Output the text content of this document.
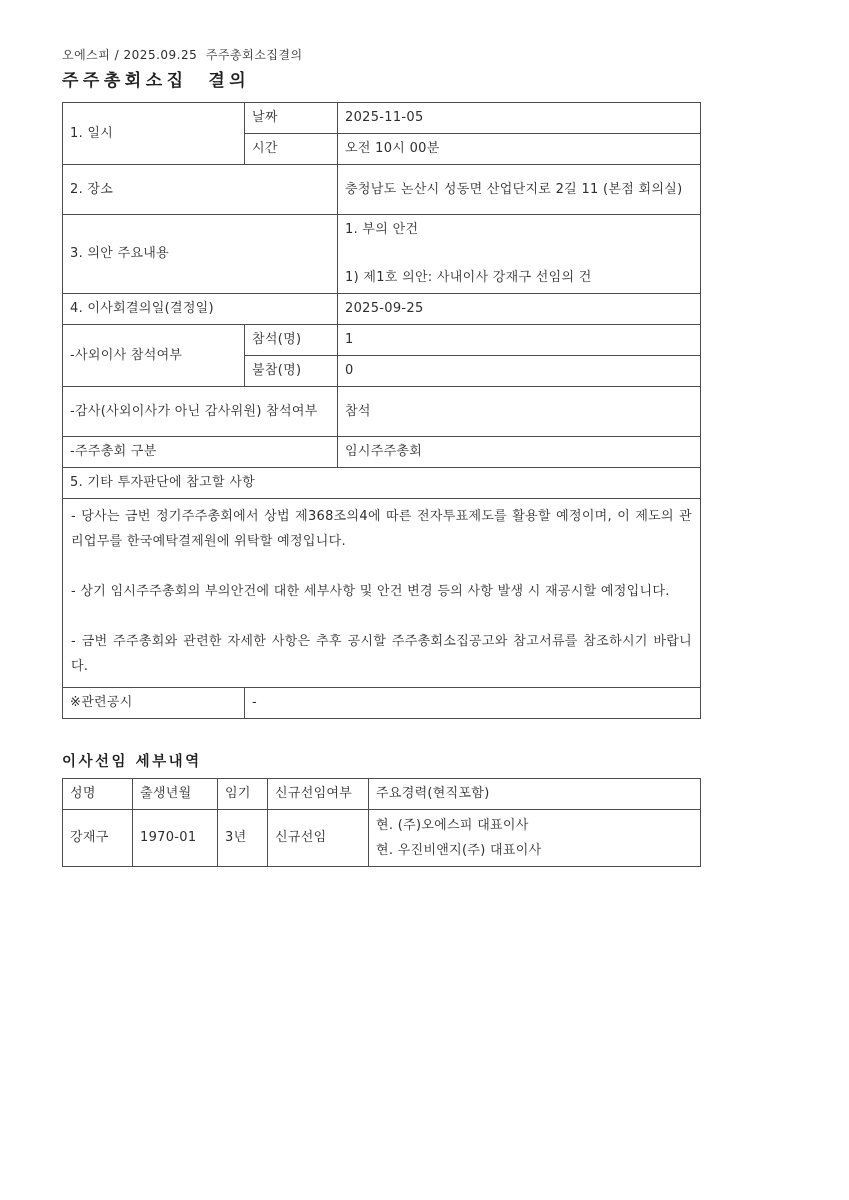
오에스피 / 2025.09.25  주주총회소집결의
주주총회소집  결의
1. 일시	날짜	2025-11-05
	시간	오전 10시 00분
2. 장소		충청남도 논산시 성동면 산업단지로 2길 11 (본점 회의실)
3. 의안 주요내용		1. 부의 안건
1) 제1호 의안: 사내이사 강재구 선임의 건

4. 이사회결의일(결정일)		2025-09-25
-사외이사 참석여부	참석(명)	1
	불참(명)	0
-감사(사외이사가 아닌 감사위원) 참석여부		참석
-주주총회 구분		임시주주총회
5. 기타 투자판단에 참고할 사항		

- 당사는 금번 정기주주총회에서 상법 제368조의4에 따른 전자투표제도를 활용할 예정이며, 이 제도의 관리업무를 한국예탁결제원에 위탁할 예정입니다.

- 상기 임시주주총회의 부의안건에 대한 세부사항 및 안건 변경 등의 사항 발생 시 재공시할 예정입니다.

- 금번 주주총회와 관련한 자세한 사항은 추후 공시할 주주총회소집공고와 참고서류를 참조하시기 바랍니다.		

※관련공시	-	
이사선임 세부내역
성명	출생년월	임기	신규선임여부	주요경력(현직포함)
강재구	1970-01	3년	신규선임	현. (주)오에스피 대표이사
현. 우진비앤지(주) 대표이사
